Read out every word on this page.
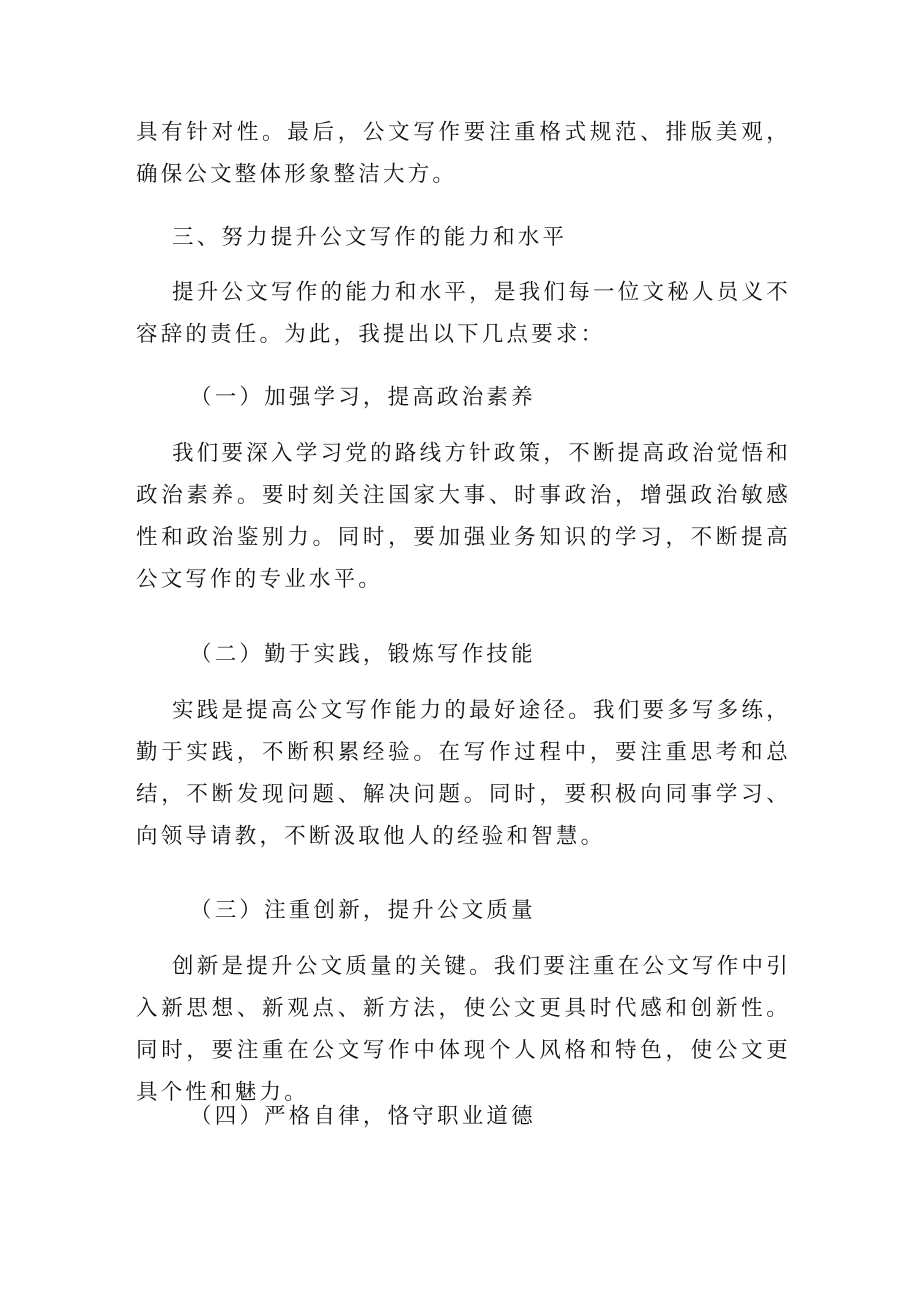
具有针对性。最后，公文写作要注重格式规范、排版美观，确保公文整体形象整洁大方。

三、努力提升公文写作的能力和水平

提升公文写作的能力和水平，是我们每一位文秘人员义不容辞的责任。为此，我提出以下几点要求：

（一）加强学习，提高政治素养

我们要深入学习党的路线方针政策，不断提高政治觉悟和政治素养。要时刻关注国家大事、时事政治，增强政治敏感性和政治鉴别力。同时，要加强业务知识的学习，不断提高公文写作的专业水平。

（二）勤于实践，锻炼写作技能

实践是提高公文写作能力的最好途径。我们要多写多练，勤于实践，不断积累经验。在写作过程中，要注重思考和总结，不断发现问题、解决问题。同时，要积极向同事学习、向领导请教，不断汲取他人的经验和智慧。

（三）注重创新，提升公文质量

创新是提升公文质量的关键。我们要注重在公文写作中引入新思想、新观点、新方法，使公文更具时代感和创新性。同时，要注重在公文写作中体现个人风格和特色，使公文更具个性和魅力。

（四）严格自律，恪守职业道德
